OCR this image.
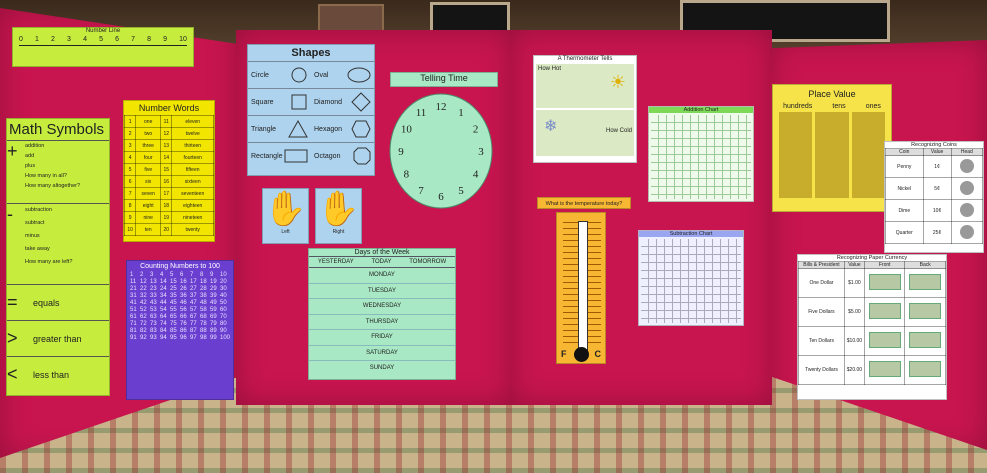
Number Line
0 1 2 3 4 5 6 7 8 9 10
Math Symbols
+	addition
add
plus
How many in all?
How many altogether?
-	subtraction
subtract
minus
take away
How many are left?
=	equals
>	greater than
<	less than
Number Words
1	one	11	eleven
2	two	12	twelve
3	three	13	thirteen
4	four	14	fourteen
5	five	15	fifteen
6	six	16	sixteen
7	seven	17	seventeen
8	eight	18	eighteen
9	nine	19	nineteen
10	ten	20	twenty
Counting Numbers to 100
1	2	3	4	5	6	7	8	9	10
11 12 13 14 15 16 17 18 19 20
21 22 23 24 25 26 27 28 29 30
31 32 33 34 35 36 37 38 39 40
41 42 43 44 45 46 47 48 49 50
51 52 53 54 55 56 57 58 59 60
61 62 63 64 65 66 67 68 69 70
71 72 73 74 75 76 77 78 79 80
81 82 83 84 85 86 87 88 89 90
91 92 93 94 95 96 97 98 99 100
Shapes
Circle	Oval
Square	Diamond
Triangle	Hexagon
Rectangle	Octagon
✋
Left
✋
Right
Telling Time
12
1
2
3
4
5
6
7
8
9
10
11
Days of the Week
YESTERDAY	TODAY	TOMORROW
MONDAY
TUESDAY
WEDNESDAY
THURSDAY
FRIDAY
SATURDAY
SUNDAY
A Thermometer Tells
How Hot
☀
❄	How Cold
What is the temperature today?
F	C
Addition Chart
Subtraction Chart
Place Value
hundreds	tens	ones
Recognizing Coins
Coin	Value	Head
Penny	1¢	
Nickel	5¢	
Dime	10¢	
Quarter	25¢	
Recognizing Paper Currency
Bills & President	Value	Front	Back
One Dollar	$1.00		
Five Dollars	$5.00		
Ten Dollars	$10.00		
Twenty Dollars	$20.00		
